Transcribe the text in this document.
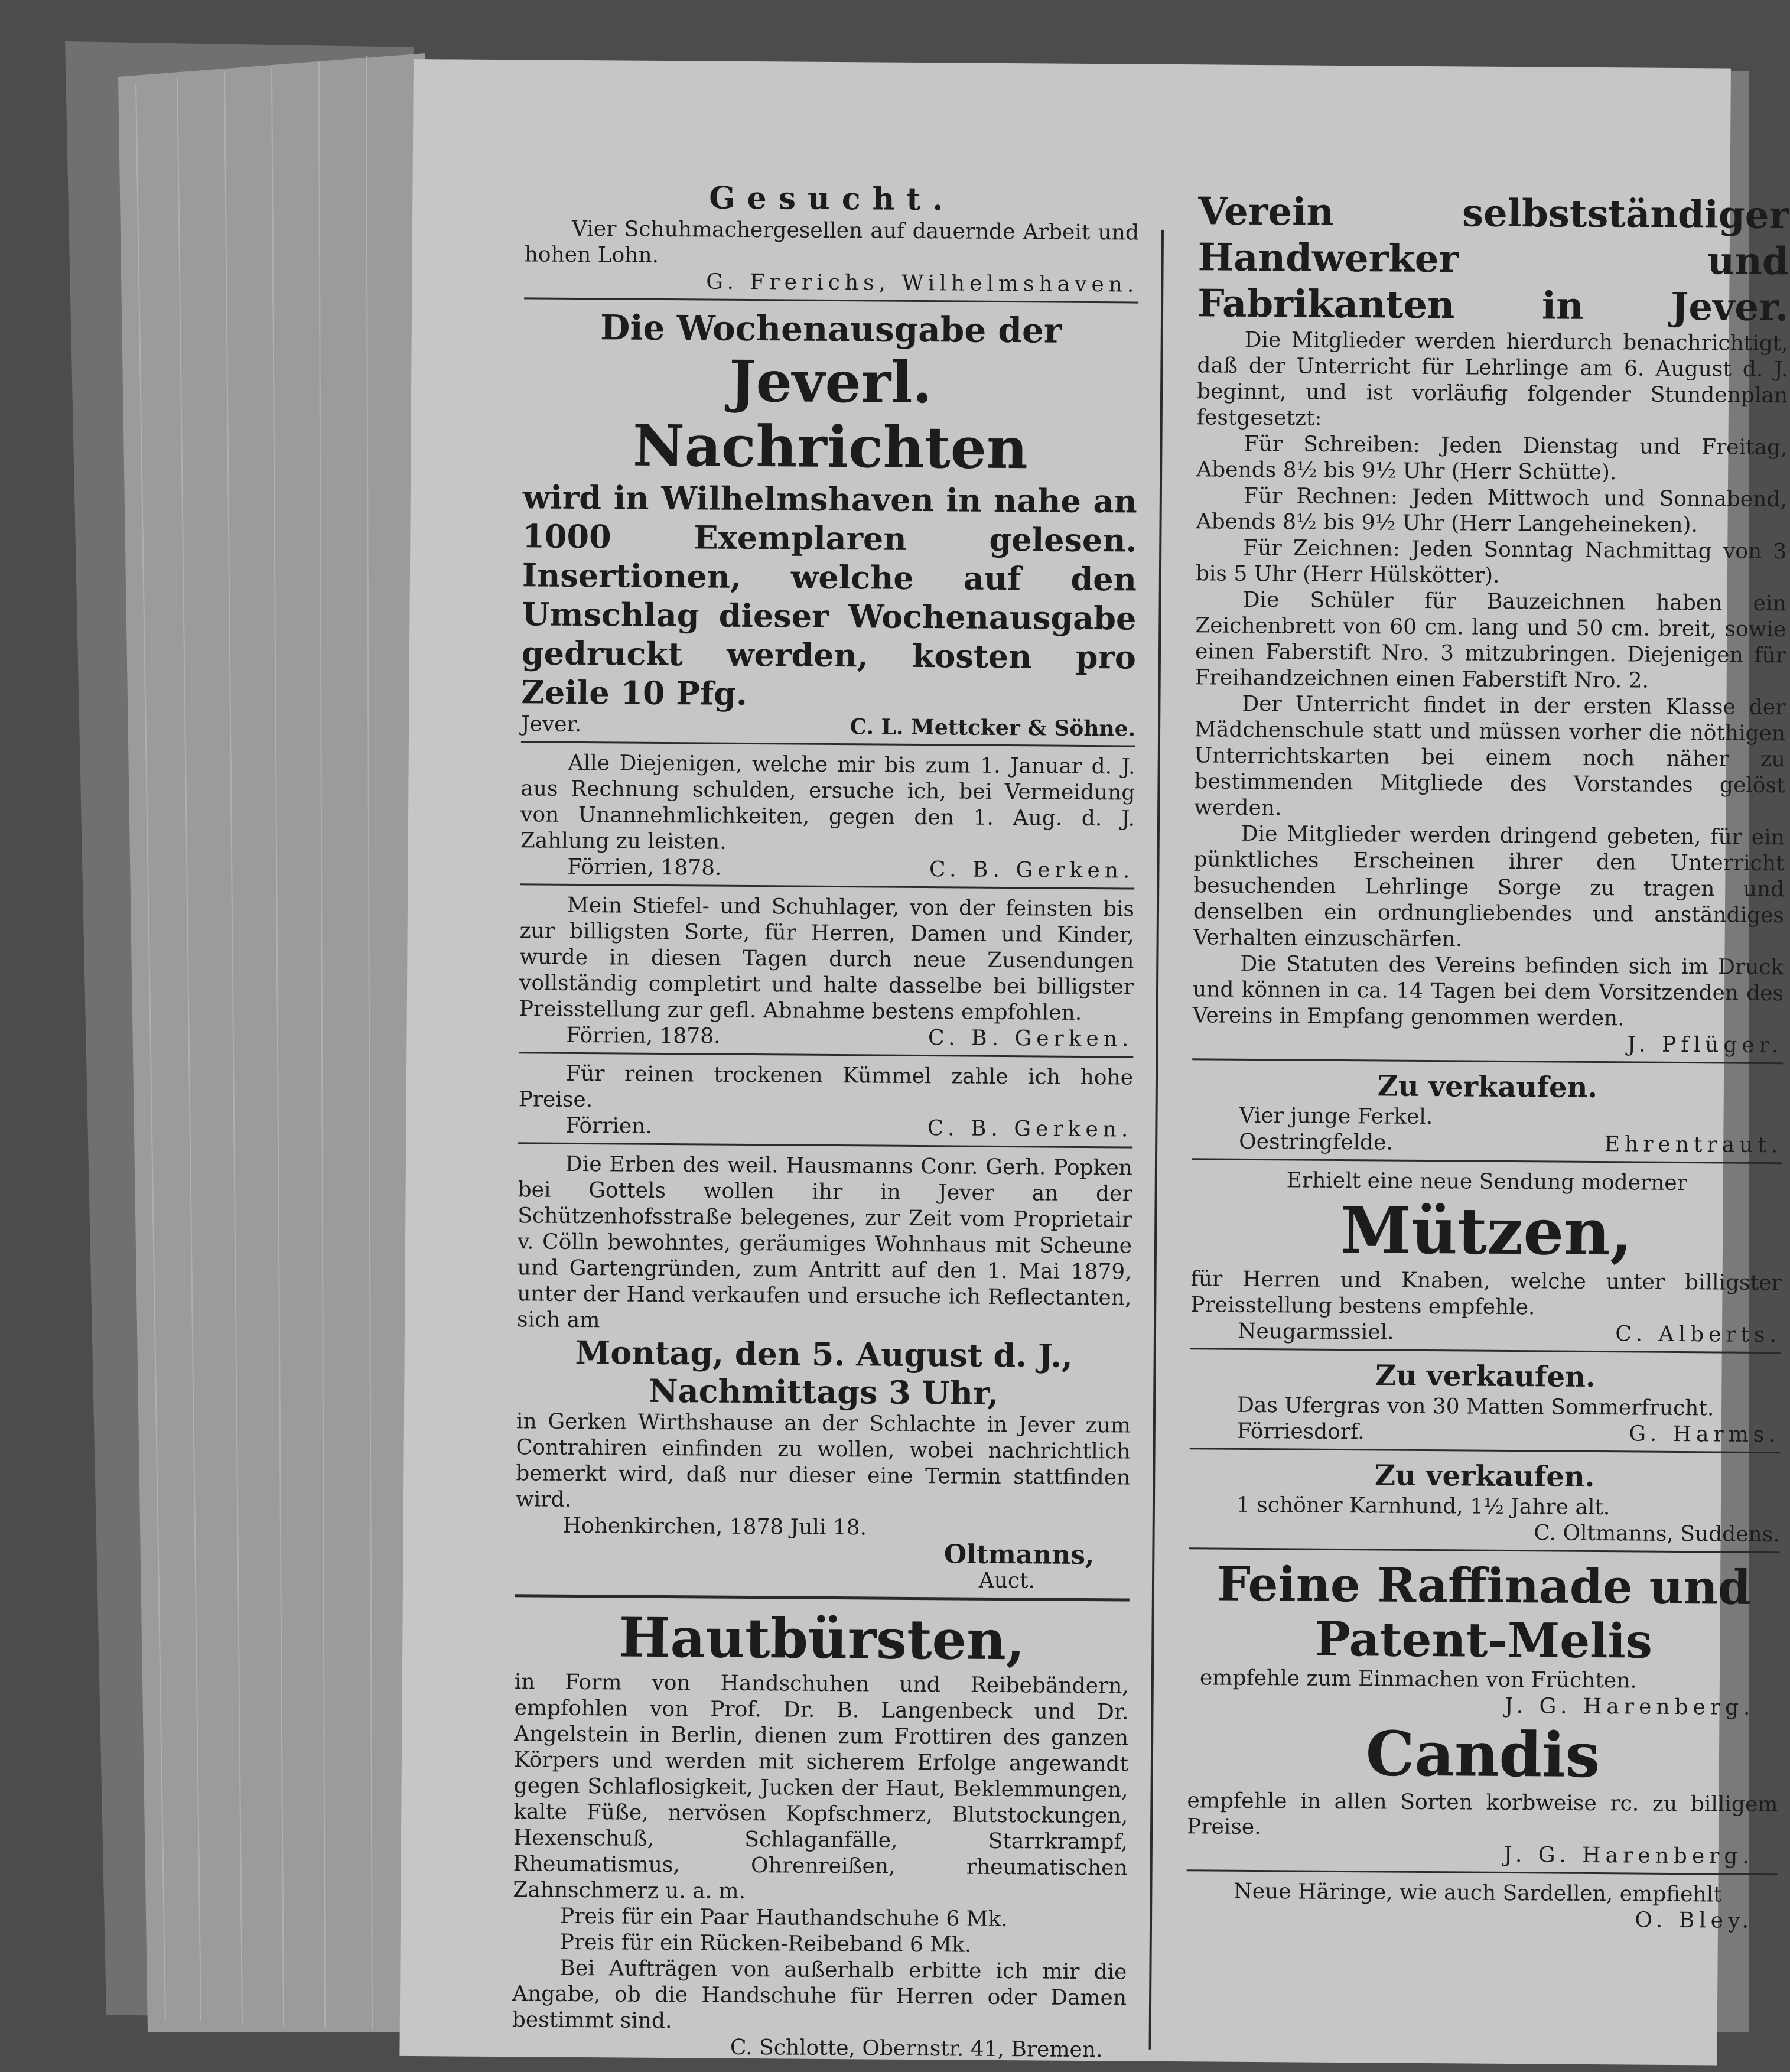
Gesucht.

Vier Schuhmachergesellen auf dauernde Arbeit und hohen Lohn.

G. Frerichs, Wilhelmshaven.
Die Wochenausgabe der
Jeverl. Nachrichten

wird in Wilhelmshaven in nahe an 1000 Exemplaren gelesen. Insertionen, welche auf den Umschlag dieser Wochenausgabe gedruckt werden, kosten pro Zeile 10 Pfg.

Jever.	C. L. Mettcker & Söhne.

Alle Diejenigen, welche mir bis zum 1. Januar d. J. aus Rechnung schulden, ersuche ich, bei Vermeidung von Unannehmlichkeiten, gegen den 1. Aug. d. J. Zahlung zu leisten.

Förrien, 1878.	C. B. Gerken.

Mein Stiefel- und Schuhlager, von der feinsten bis zur billigsten Sorte, für Herren, Damen und Kinder, wurde in diesen Tagen durch neue Zusendungen vollständig completirt und halte dasselbe bei billigster Preisstellung zur gefl. Abnahme bestens empfohlen.

Förrien, 1878.	C. B. Gerken.

Für reinen trockenen Kümmel zahle ich hohe Preise.

Förrien.	C. B. Gerken.

Die Erben des weil. Hausmanns Conr. Gerh. Popken bei Gottels wollen ihr in Jever an der Schützenhofsstraße belegenes, zur Zeit vom Proprietair v. Cölln bewohntes, geräumiges Wohnhaus mit Scheune und Gartengründen, zum Antritt auf den 1. Mai 1879, unter der Hand verkaufen und ersuche ich Reflectanten, sich am

Montag, den 5. August d. J.,
Nachmittags 3 Uhr,

in Gerken Wirthshause an der Schlachte in Jever zum Contrahiren einfinden zu wollen, wobei nachrichtlich bemerkt wird, daß nur dieser eine Termin stattfinden wird.

Hohenkirchen, 1878 Juli 18.
Oltmanns,
Auct.
Hautbürsten,

in Form von Handschuhen und Reibebändern, empfohlen von Prof. Dr. B. Langenbeck und Dr. Angelstein in Berlin, dienen zum Frottiren des ganzen Körpers und werden mit sicherem Erfolge angewandt gegen Schlaflosigkeit, Jucken der Haut, Beklemmungen, kalte Füße, nervösen Kopfschmerz, Blutstockungen, Hexenschuß, Schlaganfälle, Starrkrampf, Rheumatismus, Ohrenreißen, rheumatischen Zahnschmerz u. a. m.

Preis für ein Paar Hauthandschuhe 6 Mk.
Preis für ein Rücken-Reibeband 6 Mk.

Bei Aufträgen von außerhalb erbitte ich mir die Angabe, ob die Handschuhe für Herren oder Damen bestimmt sind.

C. Schlotte, Obernstr. 41, Bremen.
Verein selbstständiger Handwerker und Fabrikanten in Jever.

Die Mitglieder werden hierdurch benachrichtigt, daß der Unterricht für Lehrlinge am 6. August d. J. beginnt, und ist vorläufig folgender Stundenplan festgesetzt:

Für Schreiben: Jeden Dienstag und Freitag, Abends 8½ bis 9½ Uhr (Herr Schütte).

Für Rechnen: Jeden Mittwoch und Sonnabend, Abends 8½ bis 9½ Uhr (Herr Langeheineken).

Für Zeichnen: Jeden Sonntag Nachmittag von 3 bis 5 Uhr (Herr Hülskötter).

Die Schüler für Bauzeichnen haben ein Zeichenbrett von 60 cm. lang und 50 cm. breit, sowie einen Faberstift Nro. 3 mitzubringen. Diejenigen für Freihandzeichnen einen Faberstift Nro. 2.

Der Unterricht findet in der ersten Klasse der Mädchenschule statt und müssen vorher die nöthigen Unterrichtskarten bei einem noch näher zu bestimmenden Mitgliede des Vorstandes gelöst werden.

Die Mitglieder werden dringend gebeten, für ein pünktliches Erscheinen ihrer den Unterricht besuchenden Lehrlinge Sorge zu tragen und denselben ein ordnungliebendes und anständiges Verhalten einzuschärfen.

Die Statuten des Vereins befinden sich im Druck und können in ca. 14 Tagen bei dem Vorsitzenden des Vereins in Empfang genommen werden.

J. Pflüger.
Zu verkaufen.
Vier junge Ferkel.
Oestringfelde.	Ehrentraut.
Erhielt eine neue Sendung moderner
Mützen,

für Herren und Knaben, welche unter billigster Preisstellung bestens empfehle.

Neugarmssiel.	C. Alberts.
Zu verkaufen.
Das Ufergras von 30 Matten Sommerfrucht.
Förriesdorf.	G. Harms.
Zu verkaufen.
1 schöner Karnhund, 1½ Jahre alt.
C. Oltmanns, Suddens.
Feine Raffinade und
Patent-Melis
empfehle zum Einmachen von Früchten.
J. G. Harenberg.
Candis

empfehle in allen Sorten korbweise rc. zu billigem Preise.

J. G. Harenberg.
Neue Häringe, wie auch Sardellen, empfiehlt
O. Bley.
